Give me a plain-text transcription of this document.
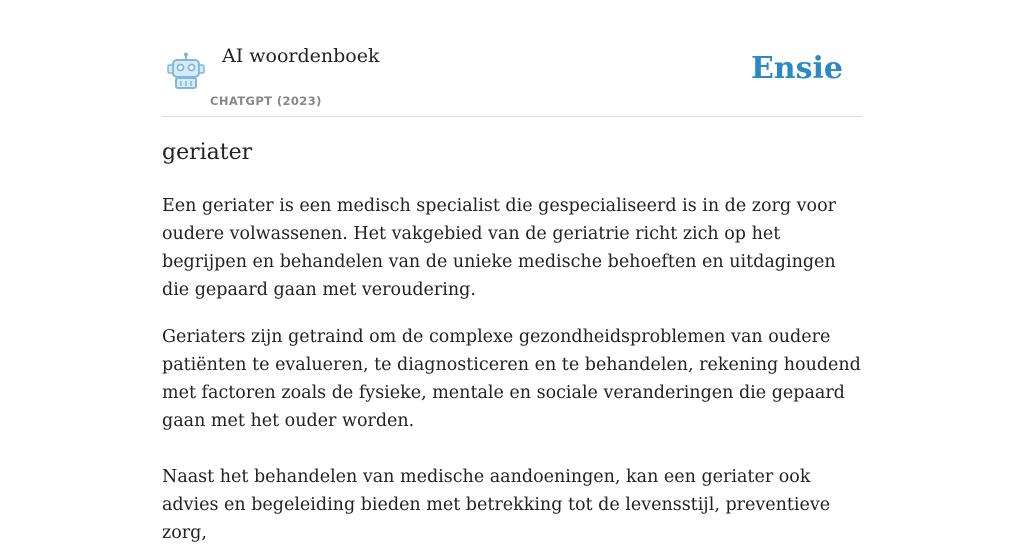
AI woordenboek
CHATGPT (2023)
Ensie
geriater

Een geriater is een medisch specialist die gespecialiseerd is in de zorg voor oudere volwassenen. Het vakgebied van de geriatrie richt zich op het begrijpen en behandelen van de unieke medische behoeften en uitdagingen die gepaard gaan met veroudering.

Geriaters zijn getraind om de complexe gezondheidsproblemen van oudere patiënten te evalueren, te diagnosticeren en te behandelen, rekening houdend met factoren zoals de fysieke, mentale en sociale veranderingen die gepaard gaan met het ouder worden.

Naast het behandelen van medische aandoeningen, kan een geriater ook advies en begeleiding bieden met betrekking tot de levensstijl, preventieve zorg,
